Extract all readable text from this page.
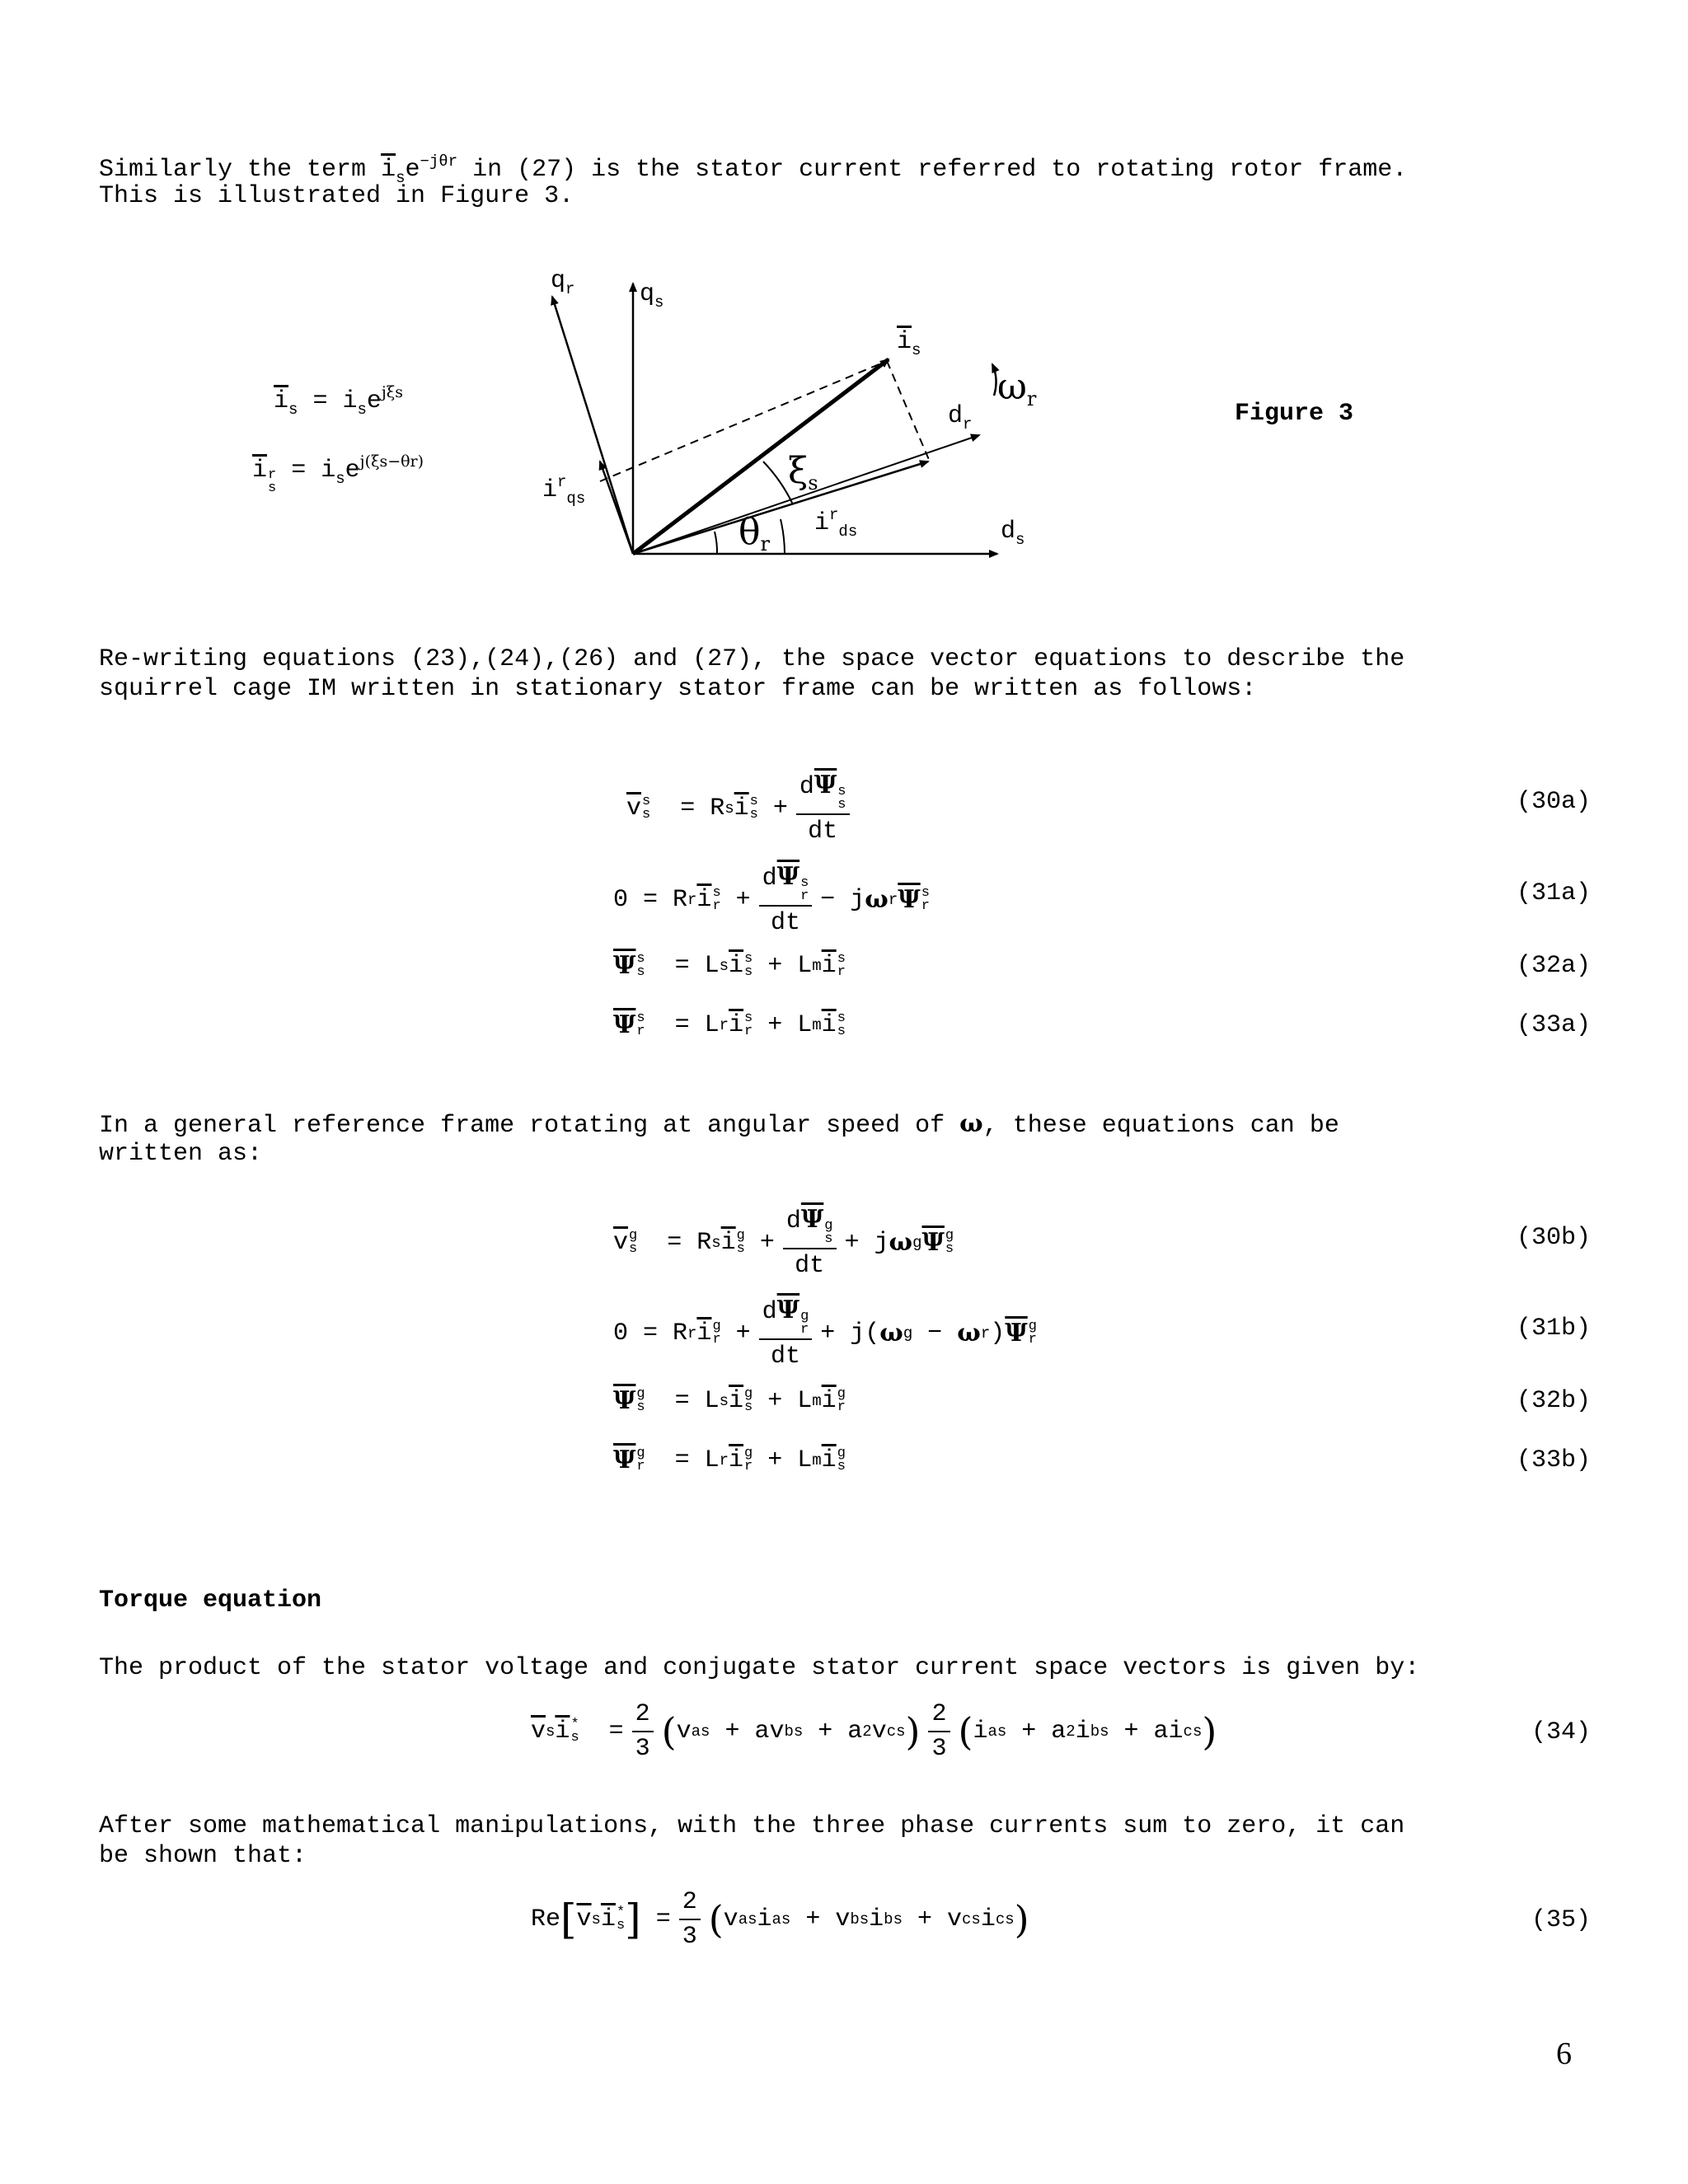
Similarly the term $\overline{i}_se^{-j\theta r}$ in (27) is the stator current referred to rotating rotor frame.
This is illustrated in Figure 3.
$\overline{i}_s = i_se^{j\xi s}$
$\overline{i}$ r
s
= $i_se^{j(\xi s-\theta r)}$
$q_r$	$q_s$
$\overline{i}_s$
$\omega_r$
$d_r$
$i^r_{qs}$
$\xi_s$
$i^r_{ds}$
$\theta_r$	$d_s$
Figure 3
Re-writing equations (23),(24),(26) and (27), the space vector equations to describe the
squirrel cage IM written in stationary stator frame can be written as follows:
$\overline{v}$ s
s = R s $\overline{i}$ s
$s + d\overline{\Psi}$ s
s
dt	(30a)
0 = R r $\overline{i}$ s
$r + d\overline{\Psi}$ s
r
dt − j ω r $\overline{\Psi}$ s
r	(31a)
$\overline{\Psi}$ s
s = L s $\overline{i}$ s
s + L m $\overline{i}$ s
r	(32a)
$\overline{\Psi}$ s
r = L r $\overline{i}$ s
r + L m $\overline{i}$ s
s	(33a)
In a general reference frame rotating at angular speed of ω, these equations can be
written as:
$\overline{v}$ g
s = R s $\overline{i}$ g
$s + d\overline{\Psi}$ g
s
dt + j ω g $\overline{\Psi}$ g
s	(30b)
0 = R r $\overline{i}$ g
$r + d\overline{\Psi}$ g
r
dt + j( ω g − ω r ) $\overline{\Psi}$ g
r	(31b)
$\overline{\Psi}$ g
s = L s $\overline{i}$ g
s + L m $\overline{i}$ g
r	(32b)
$\overline{\Psi}$ g
r = L r $\overline{i}$ g
r + L m $\overline{i}$ g
s	(33b)
Torque equation
The product of the stator voltage and conjugate stator current space vectors is given by:
$\overline{v}$ s $\overline{i}$ *
$s = \frac{2}{3}$ ( v as + av bs + a 2 v cs ) $\frac{2}{3}$ ( i as + a 2 i bs + ai cs )	(34)
After some mathematical manipulations, with the three phase currents sum to zero, it can
be shown that:
Re [ $\overline{v}$ s $\overline{i}$ *
s ] = $\frac{2}{3}$ ( v as i as + v bs i bs + v cs i cs )	(35)
6
